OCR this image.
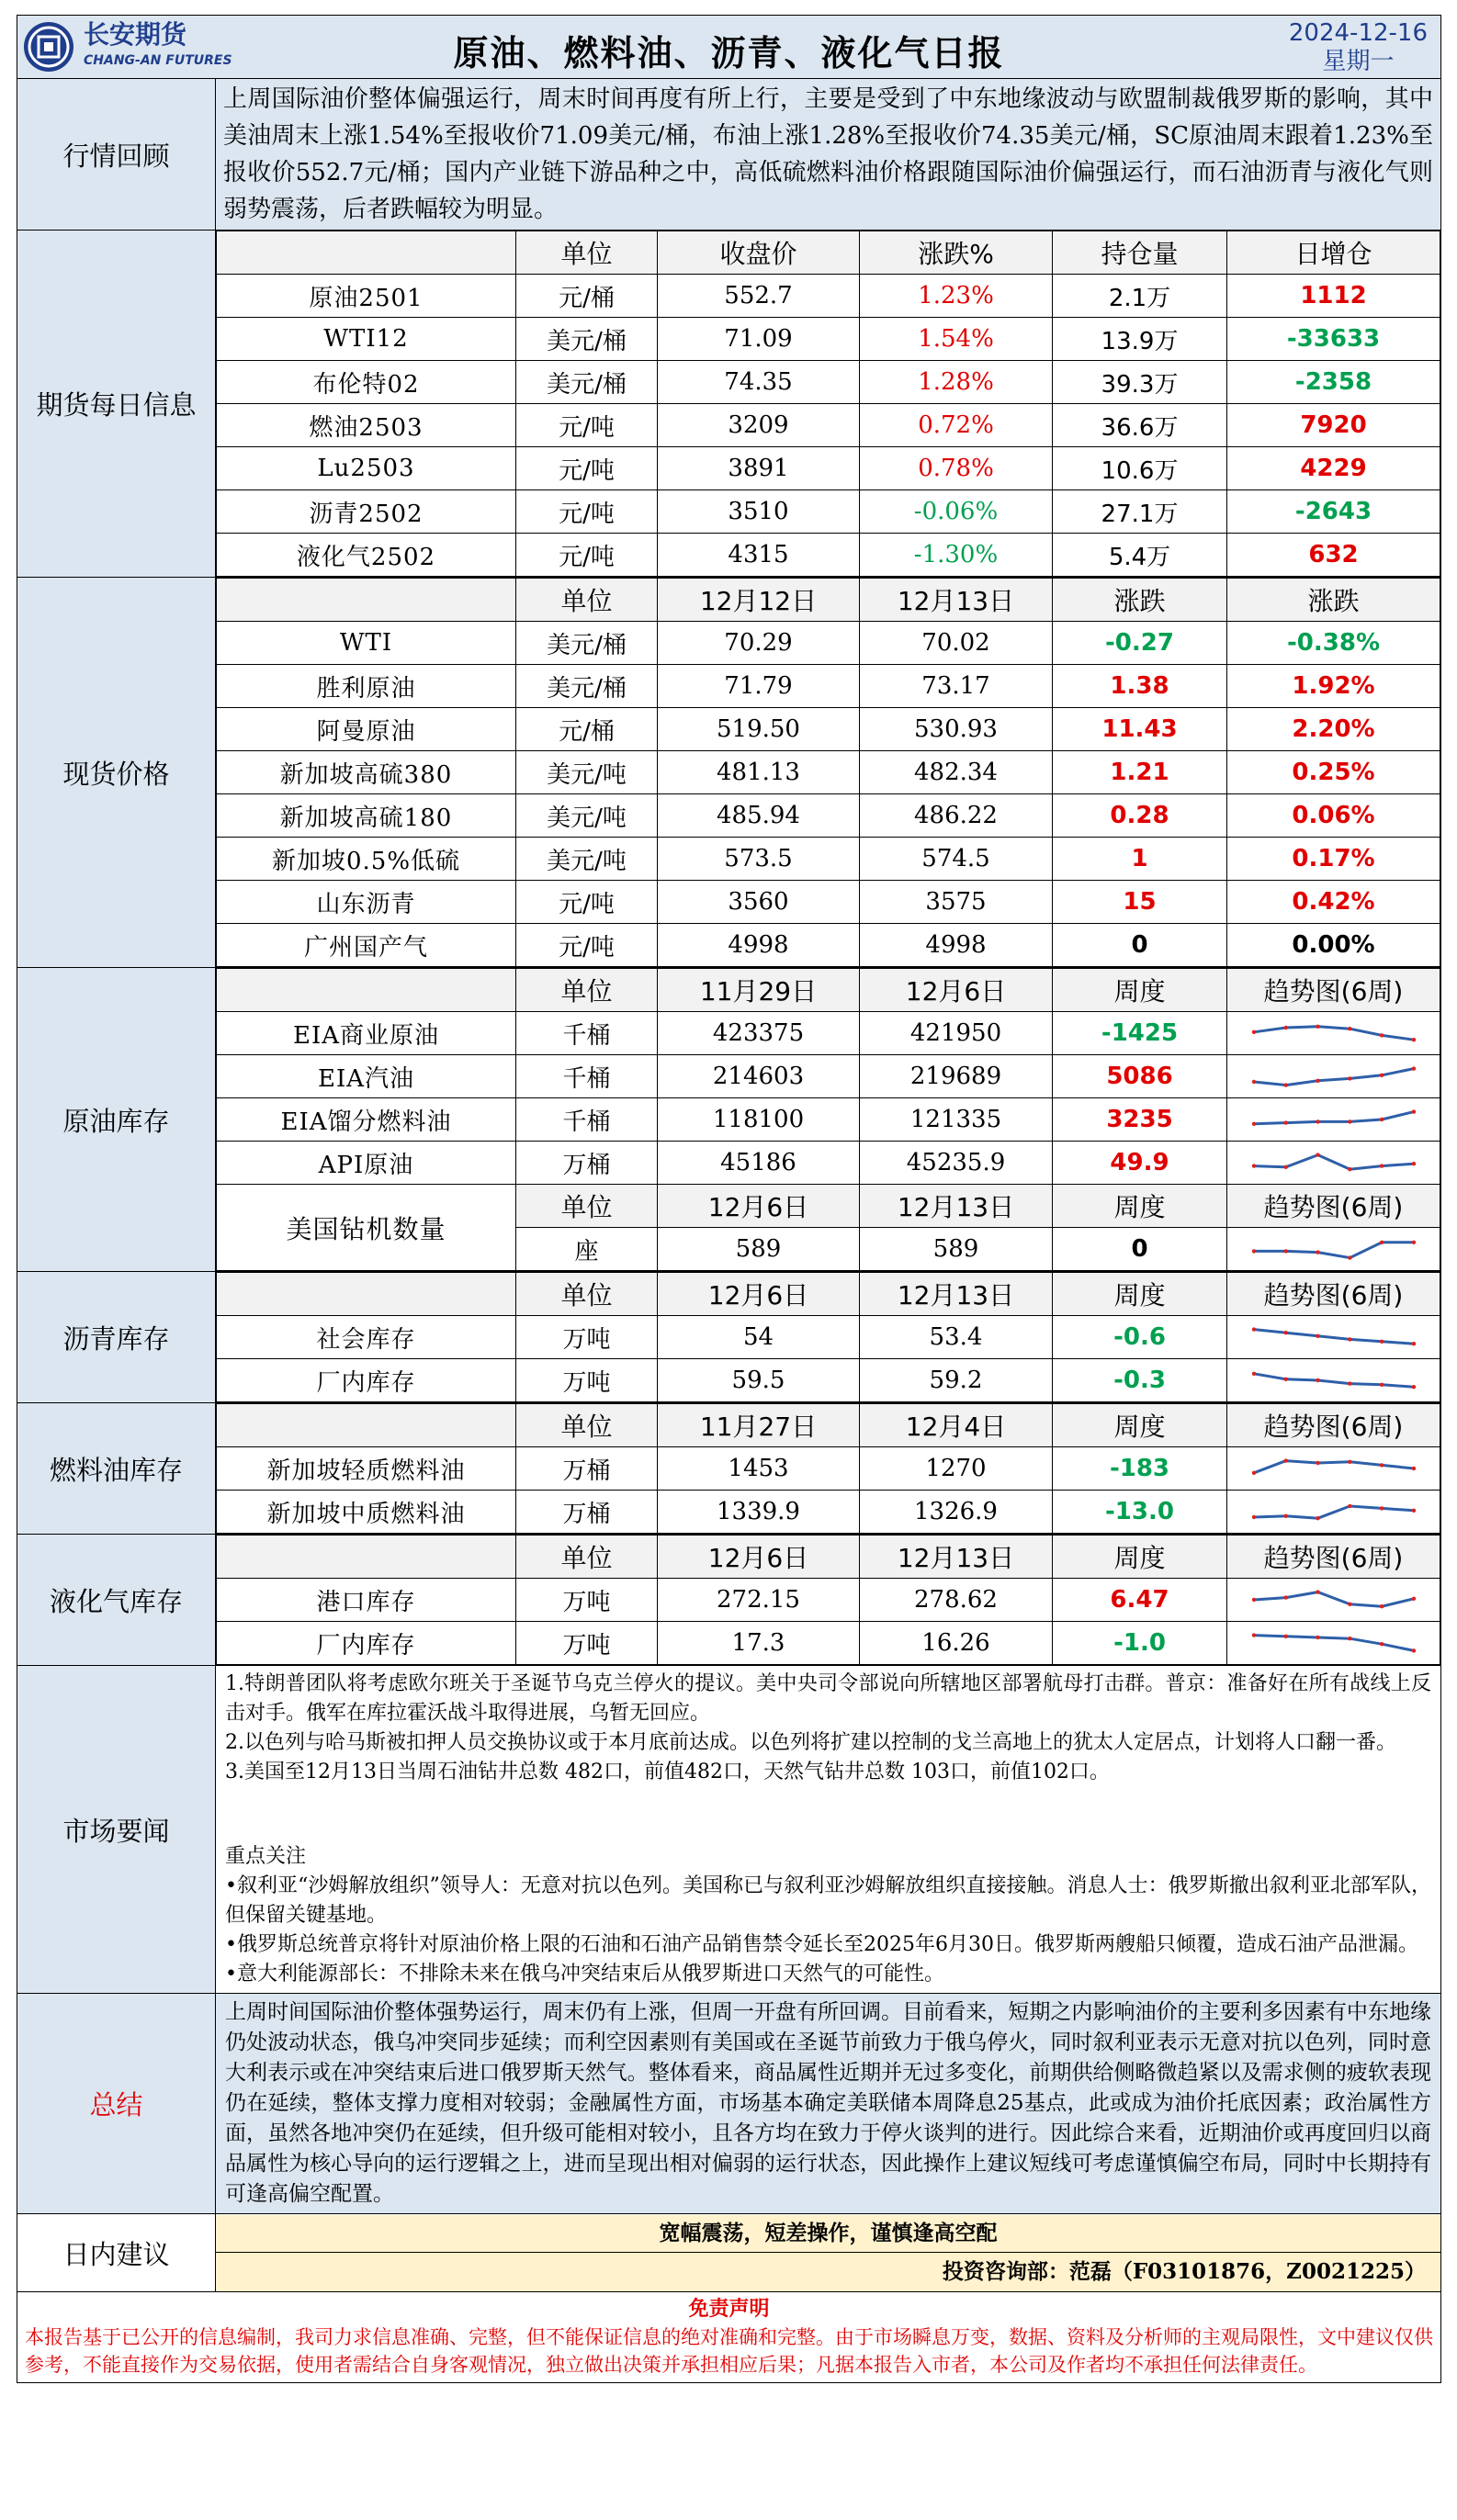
长安期货
CHANG-AN FUTURES	原油、燃料油、沥青、液化气日报	2024-12-16
星期一

行情回顾	
上周国际油价整体偏强运行，周末时间再度有所上行，主要是受到了中东地缘波动与欧盟制裁俄罗斯的影响，其中美油周末上涨1.54%至报收价71.09美元/桶，布油上涨1.28%至报收价74.35美元/桶，SC原油周末跟着1.23%至报收价552.7元/桶；国内产业链下游品种之中，高低硫燃料油价格跟随国际油价偏强运行，而石油沥青与液化气则弱势震荡，后者跌幅较为明显。

期货每日信息	
	单位	收盘价	涨跌%	持仓量	日增仓
原油2501	元/桶	552.7	1.23%	2.1万	1112
WTI12	美元/桶	71.09	1.54%	13.9万	-33633
布伦特02	美元/桶	74.35	1.28%	39.3万	-2358
燃油2503	元/吨	3209	0.72%	36.6万	7920
Lu2503	元/吨	3891	0.78%	10.6万	4229
沥青2502	元/吨	3510	-0.06%	27.1万	-2643
液化气2502	元/吨	4315	-1.30%	5.4万	632

现货价格	
	单位	12月12日	12月13日	涨跌	涨跌
WTI	美元/桶	70.29	70.02	-0.27	-0.38%
胜利原油	美元/桶	71.79	73.17	1.38	1.92%
阿曼原油	元/桶	519.50	530.93	11.43	2.20%
新加坡高硫380	美元/吨	481.13	482.34	1.21	0.25%
新加坡高硫180	美元/吨	485.94	486.22	0.28	0.06%
新加坡0.5%低硫	美元/吨	573.5	574.5	1	0.17%
山东沥青	元/吨	3560	3575	15	0.42%
广州国产气	元/吨	4998	4998	0	0.00%

原油库存	
	单位	11月29日	12月6日	周度	趋势图(6周)
EIA商业原油	千桶	423375	421950	-1425	

EIA汽油	千桶	214603	219689	5086	

EIA馏分燃料油	千桶	118100	121335	3235	

API原油	万桶	45186	45235.9	49.9	

美国钻机数量	单位	12月6日	12月13日	周度	趋势图(6周)
座	589	589	0	

沥青库存	
	单位	12月6日	12月13日	周度	趋势图(6周)
社会库存	万吨	54	53.4	-0.6	

厂内库存	万吨	59.5	59.2	-0.3	

燃料油库存	
	单位	11月27日	12月4日	周度	趋势图(6周)
新加坡轻质燃料油	万桶	1453	1270	-183	

新加坡中质燃料油	万桶	1339.9	1326.9	-13.0	

液化气库存	
	单位	12月6日	12月13日	周度	趋势图(6周)
港口库存	万吨	272.15	278.62	6.47	

厂内库存	万吨	17.3	16.26	-1.0	

市场要闻	

1.特朗普团队将考虑欧尔班关于圣诞节乌克兰停火的提议。美中央司令部说向所辖地区部署航母打击群。普京：准备好在所有战线上反击对手。俄军在库拉霍沃战斗取得进展，乌暂无回应。

2.以色列与哈马斯被扣押人员交换协议或于本月底前达成。以色列将扩建以控制的戈兰高地上的犹太人定居点，计划将人口翻一番。

3.美国至12月13日当周石油钻井总数 482口，前值482口，天然气钻井总数 103口，前值102口。

重点关注

•叙利亚“沙姆解放组织”领导人：无意对抗以色列。美国称已与叙利亚沙姆解放组织直接接触。消息人士：俄罗斯撤出叙利亚北部军队，但保留关键基地。

•俄罗斯总统普京将针对原油价格上限的石油和石油产品销售禁令延长至2025年6月30日。俄罗斯两艘船只倾覆，造成石油产品泄漏。

•意大利能源部长：不排除未来在俄乌冲突结束后从俄罗斯进口天然气的可能性。

总结	
上周时间国际油价整体强势运行，周末仍有上涨，但周一开盘有所回调。目前看来，短期之内影响油价的主要利多因素有中东地缘仍处波动状态，俄乌冲突同步延续；而利空因素则有美国或在圣诞节前致力于俄乌停火，同时叙利亚表示无意对抗以色列，同时意大利表示或在冲突结束后进口俄罗斯天然气。整体看来，商品属性近期并无过多变化，前期供给侧略微趋紧以及需求侧的疲软表现仍在延续，整体支撑力度相对较弱；金融属性方面，市场基本确定美联储本周降息25基点，此或成为油价托底因素；政治属性方面，虽然各地冲突仍在延续，但升级可能相对较小，且各方均在致力于停火谈判的进行。因此综合来看，近期油价或再度回归以商品属性为核心导向的运行逻辑之上，进而呈现出相对偏弱的运行状态，因此操作上建议短线可考虑谨慎偏空布局，同时中长期持有可逢高偏空配置。

日内建议	
宽幅震荡，短差操作，谨慎逢高空配
投资咨询部：范磊（F03101876，Z0021225）

免责声明
本报告基于已公开的信息编制，我司力求信息准确、完整，但不能保证信息的绝对准确和完整。由于市场瞬息万变，数据、资料及分析师的主观局限性，文中建议仅供参考，不能直接作为交易依据，使用者需结合自身客观情况，独立做出决策并承担相应后果；凡据本报告入市者，本公司及作者均不承担任何法律责任。
